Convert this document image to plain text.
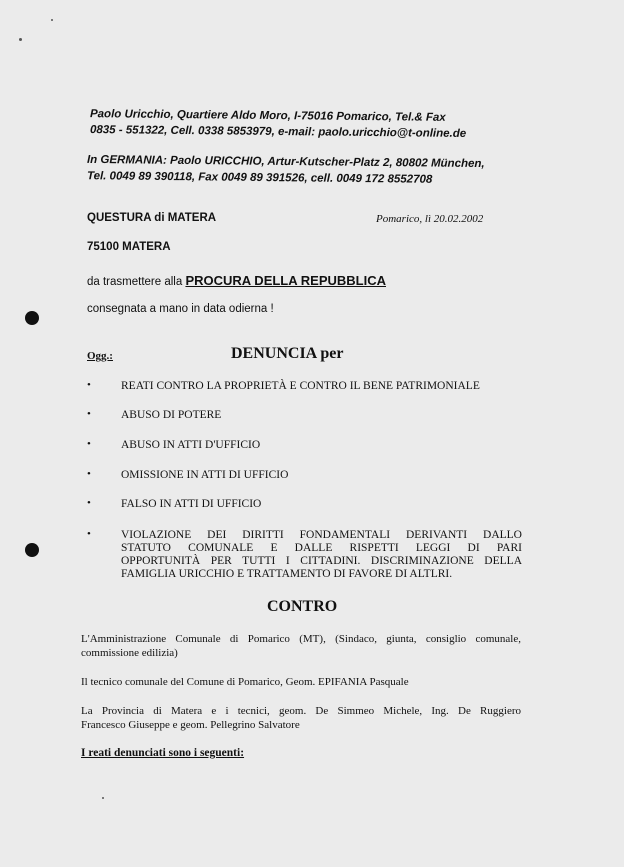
Paolo Uricchio, Quartiere Aldo Moro, I-75016 Pomarico, Tel.& Fax
0835 - 551322, Cell. 0338 5853979, e-mail: paolo.uricchio@t-online.de
In GERMANIA: Paolo URICCHIO, Artur-Kutscher-Platz 2, 80802 München,
Tel. 0049 89 390118, Fax 0049 89 391526, cell. 0049 172 8552708
QUESTURA di MATERA	Pomarico, lì 20.02.2002
75100 MATERA
da trasmettere alla PROCURA DELLA REPUBBLICA
consegnata a mano in data odierna !
Ogg.:	DENUNCIA per
•	REATI CONTRO LA PROPRIETÀ E CONTRO IL BENE PATRIMONIALE
•	ABUSO DI POTERE
•	ABUSO IN ATTI D'UFFICIO
•	OMISSIONE IN ATTI DI UFFICIO
•	FALSO IN ATTI DI UFFICIO
•	VIOLAZIONE DEI DIRITTI FONDAMENTALI DERIVANTI DALLO
STATUTO COMUNALE E DALLE RISPETTI LEGGI DI PARI
OPPORTUNITÀ PER TUTTI I CITTADINI. DISCRIMINAZIONE DELLA
FAMIGLIA URICCHIO E TRATTAMENTO DI FAVORE DI ALTLRI.
CONTRO
L'Amministrazione Comunale di Pomarico (MT), (Sindaco, giunta, consiglio comunale,
commissione edilizia)
Il tecnico comunale del Comune di Pomarico, Geom. EPIFANIA Pasquale
La Provincia di Matera e i tecnici, geom. De Simmeo Michele, Ing. De Ruggiero
Francesco Giuseppe e geom. Pellegrino Salvatore
I reati denunciati sono i seguenti:
